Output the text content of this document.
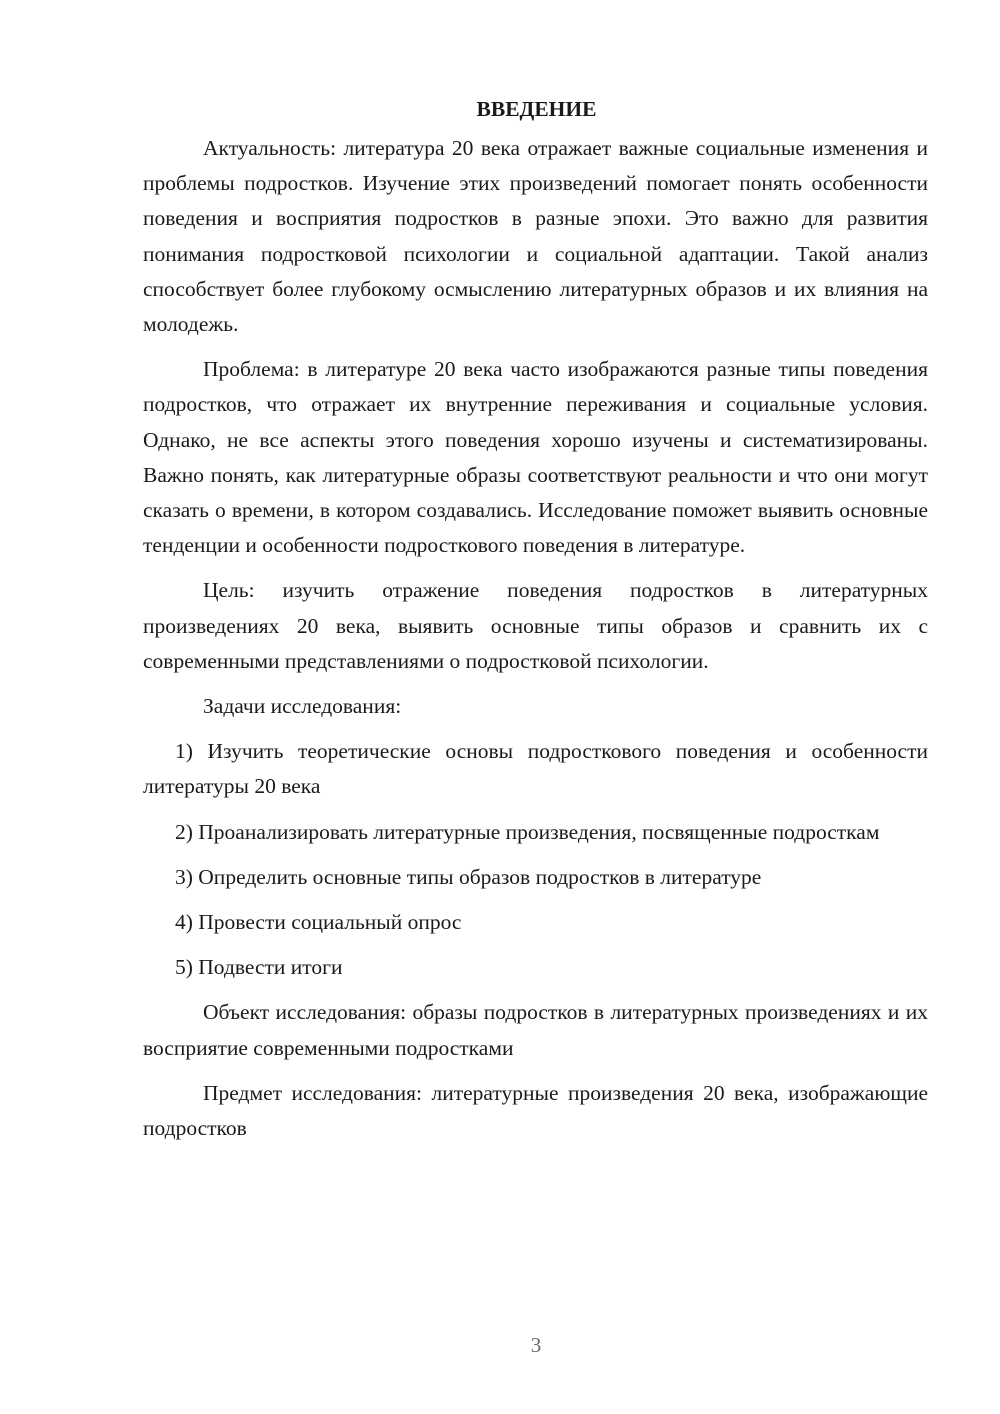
ВВЕДЕНИЕ

Актуальность: литература 20 века отражает важные социальные изменения и проблемы подростков. Изучение этих произведений помогает понять особенности поведения и восприятия подростков в разные эпохи. Это важно для развития понимания подростковой психологии и социальной адаптации. Такой анализ способствует более глубокому осмыслению литературных образов и их влияния на молодежь.

Проблема: в литературе 20 века часто изображаются разные типы поведения подростков, что отражает их внутренние переживания и социальные условия. Однако, не все аспекты этого поведения хорошо изучены и систематизированы. Важно понять, как литературные образы соответствуют реальности и что они могут сказать о времени, в котором создавались. Исследование поможет выявить основные тенденции и особенности подросткового поведения в литературе.

Цель: изучить отражение поведения подростков в литературных произведениях 20 века, выявить основные типы образов и сравнить их с современными представлениями о подростковой психологии.

Задачи исследования:

1) Изучить теоретические основы подросткового поведения и особенности литературы 20 века

2) Проанализировать литературные произведения, посвященные подросткам

3) Определить основные типы образов подростков в литературе

4) Провести социальный опрос

5) Подвести итоги

Объект исследования: образы подростков в литературных произведениях и их восприятие современными подростками

Предмет исследования: литературные произведения 20 века, изображающие подростков

3
